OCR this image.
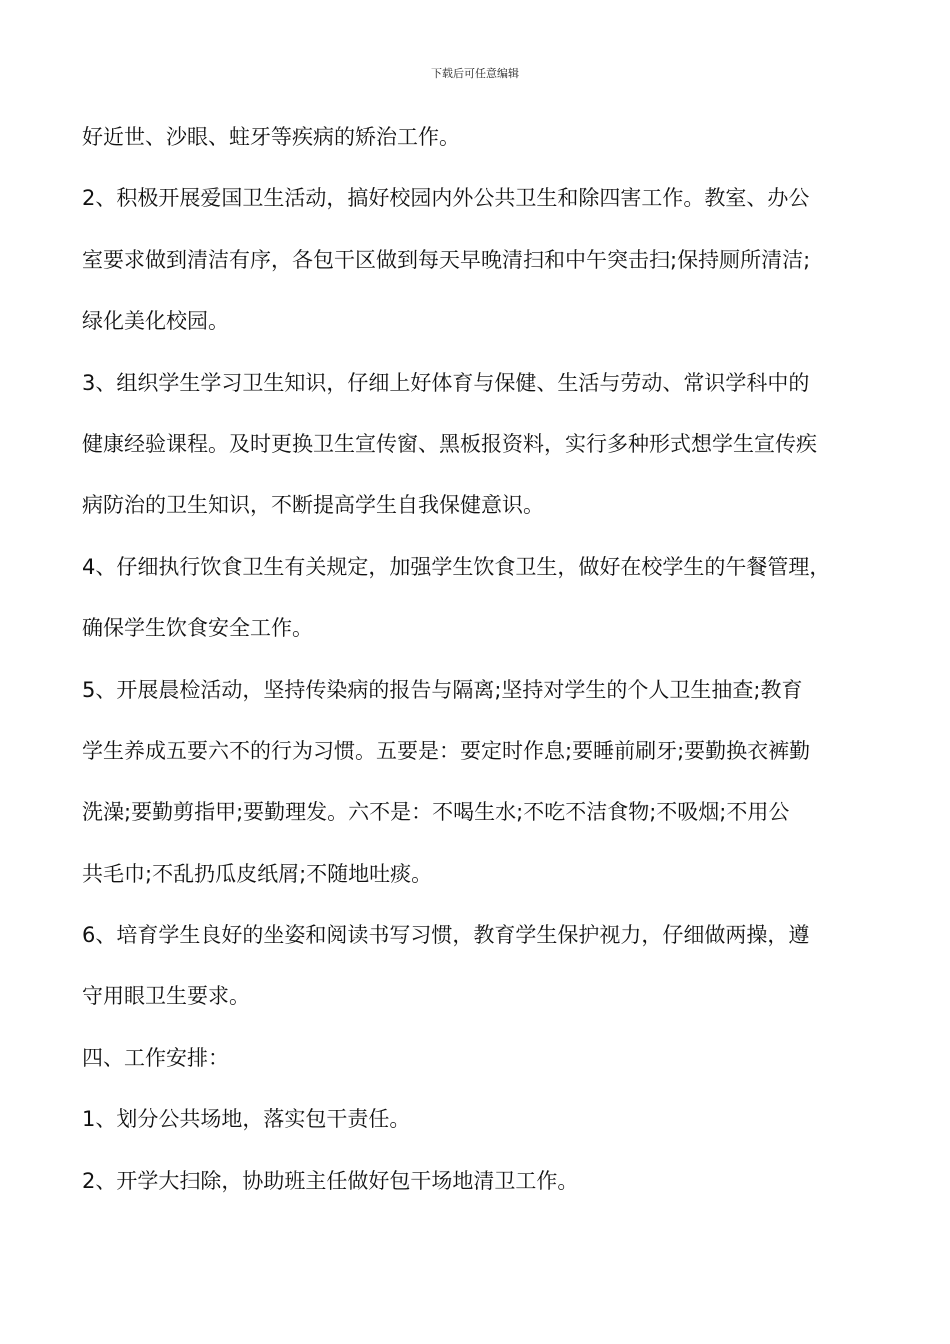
下载后可任意编辑
好近世、沙眼、蛀牙等疾病的矫治工作。
2、积极开展爱国卫生活动，搞好校园内外公共卫生和除四害工作。教室、办公
室要求做到清洁有序，各包干区做到每天早晚清扫和中午突击扫;保持厕所清洁;
绿化美化校园。
3、组织学生学习卫生知识，仔细上好体育与保健、生活与劳动、常识学科中的
健康经验课程。及时更换卫生宣传窗、黑板报资料，实行多种形式想学生宣传疾
病防治的卫生知识，不断提高学生自我保健意识。
4、仔细执行饮食卫生有关规定，加强学生饮食卫生，做好在校学生的午餐管理，
确保学生饮食安全工作。
5、开展晨检活动，坚持传染病的报告与隔离;坚持对学生的个人卫生抽查;教育
学生养成五要六不的行为习惯。五要是：要定时作息;要睡前刷牙;要勤换衣裤勤
洗澡;要勤剪指甲;要勤理发。六不是：不喝生水;不吃不洁食物;不吸烟;不用公
共毛巾;不乱扔瓜皮纸屑;不随地吐痰。
6、培育学生良好的坐姿和阅读书写习惯，教育学生保护视力，仔细做两操，遵
守用眼卫生要求。
四、工作安排：
1、划分公共场地，落实包干责任。
2、开学大扫除，协助班主任做好包干场地清卫工作。
